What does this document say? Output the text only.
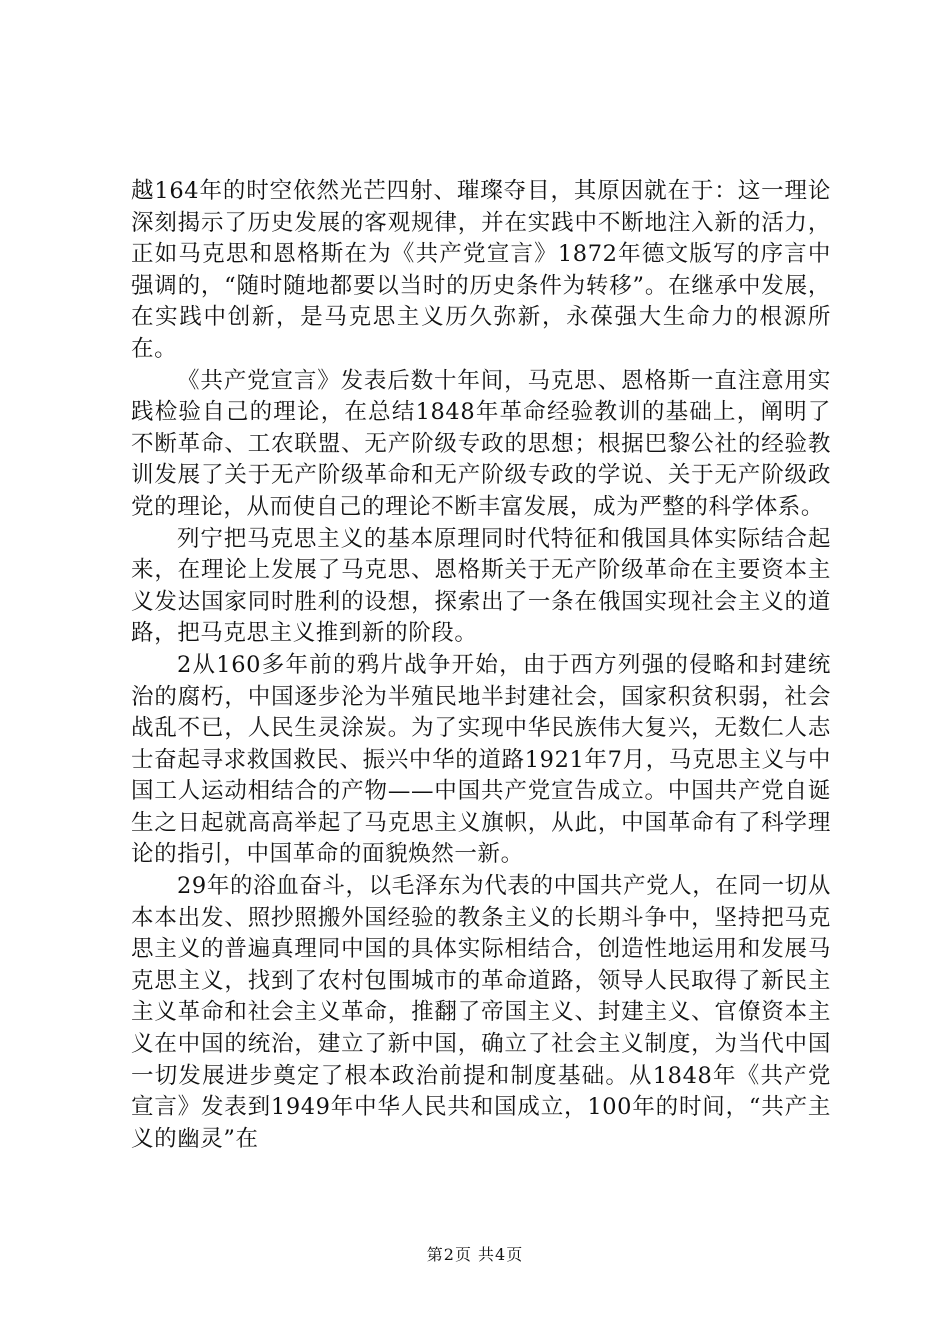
越164年的时空依然光芒四射、璀璨夺目，其原因就在于：这一理论深刻揭示了历史发展的客观规律，并在实践中不断地注入新的活力，正如马克思和恩格斯在为《共产党宣言》1872年德文版写的序言中强调的，“随时随地都要以当时的历史条件为转移”。在继承中发展，在实践中创新，是马克思主义历久弥新，永葆强大生命力的根源所在。

《共产党宣言》发表后数十年间，马克思、恩格斯一直注意用实践检验自己的理论，在总结1848年革命经验教训的基础上，阐明了不断革命、工农联盟、无产阶级专政的思想；根据巴黎公社的经验教训发展了关于无产阶级革命和无产阶级专政的学说、关于无产阶级政党的理论，从而使自己的理论不断丰富发展，成为严整的科学体系。

列宁把马克思主义的基本原理同时代特征和俄国具体实际结合起来，在理论上发展了马克思、恩格斯关于无产阶级革命在主要资本主义发达国家同时胜利的设想，探索出了一条在俄国实现社会主义的道路，把马克思主义推到新的阶段。

2从160多年前的鸦片战争开始，由于西方列强的侵略和封建统治的腐朽，中国逐步沦为半殖民地半封建社会，国家积贫积弱，社会战乱不已，人民生灵涂炭。为了实现中华民族伟大复兴，无数仁人志士奋起寻求救国救民、振兴中华的道路1921年7月，马克思主义与中国工人运动相结合的产物——中国共产党宣告成立。中国共产党自诞生之日起就高高举起了马克思主义旗帜，从此，中国革命有了科学理论的指引，中国革命的面貌焕然一新。

29年的浴血奋斗，以毛泽东为代表的中国共产党人，在同一切从本本出发、照抄照搬外国经验的教条主义的长期斗争中，坚持把马克思主义的普遍真理同中国的具体实际相结合，创造性地运用和发展马克思主义，找到了农村包围城市的革命道路，领导人民取得了新民主主义革命和社会主义革命，推翻了帝国主义、封建主义、官僚资本主义在中国的统治，建立了新中国，确立了社会主义制度，为当代中国一切发展进步奠定了根本政治前提和制度基础。从1848年《共产党宣言》发表到1949年中华人民共和国成立，100年的时间，“共产主义的幽灵”在

第2页 共4页
